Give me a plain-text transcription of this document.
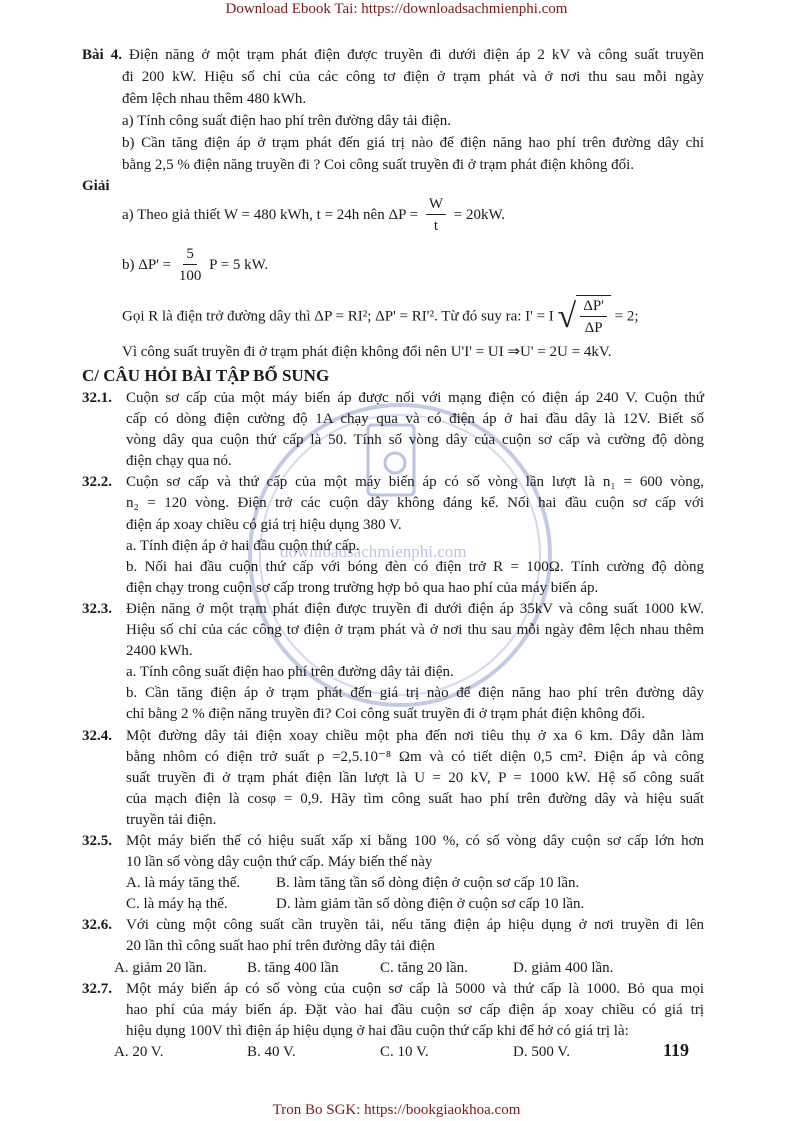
Download Ebook Tai: https://downloadsachmienphi.com
downloadsachmienphi.com
Bài 4. Điện năng ở một trạm phát điện được truyền đi dưới điện áp 2 kV và công suất truyền
đi 200 kW. Hiệu số chỉ của các công tơ điện ở trạm phát và ở nơi thu sau mỗi ngày
đêm lệch nhau thêm 480 kWh.
a) Tính công suất điện hao phí trên đường dây tải điện.
b) Cần tăng điện áp ở trạm phát đến giá trị nào để điện năng hao phí trên đường dây chỉ
bằng 2,5 % điện năng truyền đi ? Coi công suất truyền đi ở trạm phát điện không đổi.
Giải
a) Theo giả thiết W = 480 kWh, t = 24h nên $\Delta P = \frac{W}{t} = 20kW$.
b) $\Delta P' = \frac{5}{100}$ P = 5 kW.
Gọi R là điện trở đường dây thì ΔP = RI²; ΔP' = RI'². Từ đó suy ra: I' = I √ $\frac{\Delta P'}{\Delta P} = 2$;
Vì công suất truyền đi ở trạm phát điện không đổi nên U'I' = UI ⇒U' = 2U = 4kV.
C/ CÂU HỎI BÀI TẬP BỔ SUNG
32.1. Cuộn sơ cấp của một máy biến áp được nối với mạng điện có điện áp 240 V. Cuộn thứ
cấp có dòng điện cường độ 1A chạy qua và có điện áp ở hai đầu dây là 12V. Biết số
vòng dây qua cuộn thứ cấp là 50. Tính số vòng dây của cuộn sơ cấp và cường độ dòng
điện chạy qua nó.
32.2. Cuộn sơ cấp và thứ cấp của một máy biến áp có số vòng lần lượt là n₁ = 600 vòng,
n₂ = 120 vòng. Điện trở các cuộn dây không đáng kể. Nối hai đầu cuộn sơ cấp với
điện áp xoay chiều có giá trị hiệu dụng 380 V.
a. Tính điện áp ở hai đầu cuộn thứ cấp.
b. Nối hai đầu cuộn thứ cấp với bóng đèn có điện trở R = 100Ω. Tính cường độ dòng
điện chạy trong cuộn sơ cấp trong trường hợp bỏ qua hao phí của máy biến áp.
32.3. Điện năng ở một trạm phát điện được truyền đi dưới điện áp 35kV và công suất 1000 kW.
Hiệu số chỉ của các công tơ điện ở trạm phát và ở nơi thu sau mỗi ngày đêm lệch nhau thêm
2400 kWh.
a. Tính công suất điện hao phí trên đường dây tải điện.
b. Cần tăng điện áp ở trạm phát đến giá trị nào để điện năng hao phí trên đường dây
chỉ bằng 2 % điện năng truyền đi? Coi công suất truyền đi ở trạm phát điện không đổi.
32.4. Một đường dây tải điện xoay chiều một pha đến nơi tiêu thụ ở xa 6 km. Dây dẫn làm
bằng nhôm có điện trở suất ρ =2,5.10⁻⁸ Ωm và có tiết diện 0,5 cm². Điện áp và công
suất truyền đi ở trạm phát điện lần lượt là U = 20 kV, P = 1000 kW. Hệ số công suất
của mạch điện là cosφ = 0,9. Hãy tìm công suất hao phí trên đường dây và hiệu suất
truyền tải điện.
32.5. Một máy biến thế có hiệu suất xấp xỉ bằng 100 %, có số vòng dây cuộn sơ cấp lớn hơn
10 lần số vòng dây cuộn thứ cấp. Máy biến thế này
A. là máy tăng thế.	B. làm tăng tần số dòng điện ở cuộn sơ cấp 10 lần.
C. là máy hạ thế.	D. làm giảm tần số dòng điện ở cuộn sơ cấp 10 lần.
32.6. Với cùng một công suất cần truyền tải, nếu tăng điện áp hiệu dụng ở nơi truyền đi lên
20 lần thì công suất hao phí trên đường dây tải điện
A. giảm 20 lần.	B. tăng 400 lần	C. tăng 20 lần.	D. giảm 400 lần.
32.7. Một máy biến áp có số vòng của cuộn sơ cấp là 5000 và thứ cấp là 1000. Bỏ qua mọi
hao phí của máy biến áp. Đặt vào hai đầu cuộn sơ cấp điện áp xoay chiều có giá trị
hiệu dụng 100V thì điện áp hiệu dụng ở hai đầu cuộn thứ cấp khi để hở có giá trị là:
A. 20 V.	B. 40 V.	C. 10 V.	D. 500 V.	119
Tron Bo SGK: https://bookgiaokhoa.com
